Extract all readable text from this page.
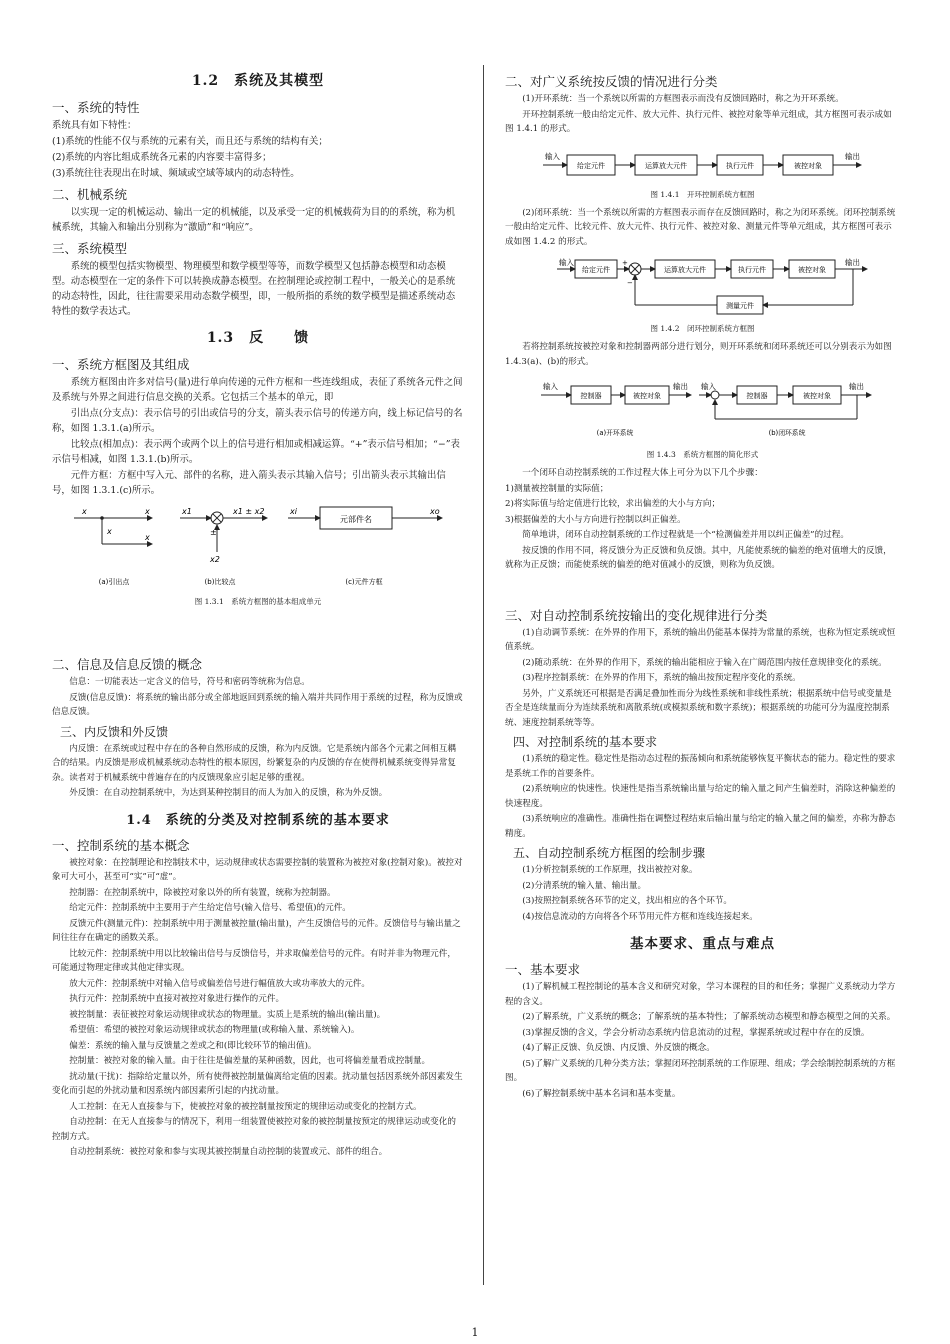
1.2　系统及其模型
一、系统的特性
系统具有如下特性：
(1)系统的性能不仅与系统的元素有关，而且还与系统的结构有关；
(2)系统的内容比组成系统各元素的内容要丰富得多；
(3)系统往往表现出在时域、频域或空域等域内的动态特性。
二、机械系统
以实现一定的机械运动、输出一定的机械能，以及承受一定的机械载荷为目的的系统，称为机械系统，其输入和输出分别称为“激励”和“响应”。
三、系统模型
系统的模型包括实物模型、物理模型和数学模型等等，而数学模型又包括静态模型和动态模型。动态模型在一定的条件下可以转换成静态模型。在控制理论或控制工程中，一般关心的是系统的动态特性，因此，往往需要采用动态数学模型，即，一般所指的系统的数学模型是描述系统动态特性的数学表达式。
1.3　反　　馈
一、系统方框图及其组成
系统方框图由许多对信号(量)进行单向传递的元件方框和一些连线组成，表征了系统各元件之间及系统与外界之间进行信息交换的关系。它包括三个基本的单元，即
引出点(分支点)：表示信号的引出或信号的分支，箭头表示信号的传递方向，线上标记信号的名称，如图 1.3.1.(a)所示。
比较点(相加点)：表示两个或两个以上的信号进行相加或相减运算。“+”表示信号相加；“−”表示信号相减，如图 1.3.1.(b)所示。
元件方框：方框中写入元、部件的名称，进入箭头表示其输入信号；引出箭头表示其输出信号，如图 1.3.1.(c)所示。
x	x
x
x
x1	x1 ± x2
±
x2
xi
元部件名
xo
(a)引出点	(b)比较点	(c)元件方框
图 1.3.1　系统方框图的基本组成单元
二、信息及信息反馈的概念
信息：一切能表达一定含义的信号，符号和密码等统称为信息。
反馈(信息反馈)：将系统的输出部分或全部地返回到系统的输入端并共同作用于系统的过程，称为反馈或信息反馈。
三、内反馈和外反馈
内反馈：在系统或过程中存在的各种自然形成的反馈，称为内反馈。它是系统内部各个元素之间相互耦合的结果。内反馈是形成机械系统动态特性的根本原因，纷繁复杂的内反馈的存在使得机械系统变得异常复杂。读者对于机械系统中普遍存在的内反馈现象应引起足够的重视。
外反馈：在自动控制系统中，为达到某种控制目的而人为加入的反馈，称为外反馈。
1.4　系统的分类及对控制系统的基本要求
一、控制系统的基本概念
被控对象：在控制理论和控制技术中，运动规律或状态需要控制的装置称为被控对象(控制对象)。被控对象可大可小，甚至可“实”可“虚”。
控制器：在控制系统中，除被控对象以外的所有装置，统称为控制器。
给定元件：控制系统中主要用于产生给定信号(输入信号、希望值)的元件。
反馈元件(测量元件)：控制系统中用于测量被控量(输出量)，产生反馈信号的元件。反馈信号与输出量之间往往存在确定的函数关系。
比较元件：控制系统中用以比较输出信号与反馈信号，并求取偏差信号的元件。有时并非为物理元件，可能通过物理定律或其他定律实现。
放大元件：控制系统中对输入信号或偏差信号进行幅值放大或功率放大的元件。
执行元件：控制系统中直接对被控对象进行操作的元件。
被控制量：表征被控对象运动规律或状态的物理量。实质上是系统的输出(输出量)。
希望值：希望的被控对象运动规律或状态的物理量(或称输入量、系统输入)。
偏差：系统的输入量与反馈量之差或之和(即比较环节的输出值)。
控制量：被控对象的输入量。由于往往是偏差量的某种函数，因此，也可将偏差量看成控制量。
扰动量(干扰)：指除给定量以外，所有使得被控制量偏离给定值的因素。扰动量包括因系统外部因素发生变化而引起的外扰动量和因系统内部因素所引起的内扰动量。
人工控制：在无人直接参与下，使被控对象的被控制量按预定的规律运动或变化的控制方式。
自动控制：在无人直接参与的情况下，利用一组装置使被控对象的被控制量按预定的规律运动或变化的控制方式。
自动控制系统：被控对象和参与实现其被控制量自动控制的装置或元、部件的组合。
二、对广义系统按反馈的情况进行分类
(1)开环系统：当一个系统以所需的方框图表示而没有反馈回路时，称之为开环系统。
开环控制系统一般由给定元件、放大元件、执行元件、被控对象等单元组成，其方框图可表示成如图 1.4.1 的形式。
输入
给定元件	运算放大元件	执行元件	被控对象
输出
图 1.4.1　开环控制系统方框图
(2)闭环系统：当一个系统以所需的方框图表示而存在反馈回路时，称之为闭环系统。闭环控制系统一般由给定元件、比较元件、放大元件、执行元件、被控对象、测量元件等单元组成，其方框图可表示成如图 1.4.2 的形式。
输入
给定元件
+
−
运算放大元件	执行元件	被控对象
输出
测量元件
图 1.4.2　闭环控制系统方框图
若将控制系统按被控对象和控制器两部分进行划分，则开环系统和闭环系统还可以分别表示为如图 1.4.3(a)、(b)的形式。
输入
控制器	被控对象
输出 输入
控制器	被控对象
输出
(a)开环系统	(b)闭环系统
图 1.4.3　系统方框图的简化形式
一个闭环自动控制系统的工作过程大体上可分为以下几个步骤：
1)测量被控制量的实际值；
2)将实际值与给定值进行比较，求出偏差的大小与方向；
3)根据偏差的大小与方向进行控制以纠正偏差。
简单地讲，闭环自动控制系统的工作过程就是一个“检测偏差并用以纠正偏差”的过程。
按反馈的作用不同，将反馈分为正反馈和负反馈。其中，凡能使系统的偏差的绝对值增大的反馈，就称为正反馈；而能使系统的偏差的绝对值减小的反馈，则称为负反馈。
三、对自动控制系统按输出的变化规律进行分类
(1)自动调节系统：在外界的作用下，系统的输出仍能基本保持为常量的系统，也称为恒定系统或恒值系统。
(2)随动系统：在外界的作用下，系统的输出能相应于输入在广阔范围内按任意规律变化的系统。
(3)程序控制系统：在外界的作用下，系统的输出按预定程序变化的系统。
另外，广义系统还可根据是否满足叠加性而分为线性系统和非线性系统；根据系统中信号或变量是否全是连续量而分为连续系统和离散系统(或模拟系统和数字系统)；根据系统的功能可分为温度控制系统、速度控制系统等等。
四、对控制系统的基本要求
(1)系统的稳定性。稳定性是指动态过程的振荡倾向和系统能够恢复平衡状态的能力。稳定性的要求是系统工作的首要条件。
(2)系统响应的快速性。快速性是指当系统输出量与给定的输入量之间产生偏差时，消除这种偏差的快速程度。
(3)系统响应的准确性。准确性指在调整过程结束后输出量与给定的输入量之间的偏差，亦称为静态精度。
五、自动控制系统方框图的绘制步骤
(1)分析控制系统的工作原理，找出被控对象。
(2)分清系统的输入量、输出量。
(3)按照控制系统各环节的定义，找出相应的各个环节。
(4)按信息流动的方向将各个环节用元件方框和连线连接起来。
基本要求、重点与难点
一、基本要求
(1)了解机械工程控制论的基本含义和研究对象，学习本课程的目的和任务；掌握广义系统动力学方程的含义。
(2)了解系统，广义系统的概念；了解系统的基本特性；了解系统动态模型和静态模型之间的关系。
(3)掌握反馈的含义，学会分析动态系统内信息流动的过程，掌握系统或过程中存在的反馈。
(4)了解正反馈、负反馈、内反馈、外反馈的概念。
(5)了解广义系统的几种分类方法；掌握闭环控制系统的工作原理、组成；学会绘制控制系统的方框图。
(6)了解控制系统中基本名词和基本变量。
1
